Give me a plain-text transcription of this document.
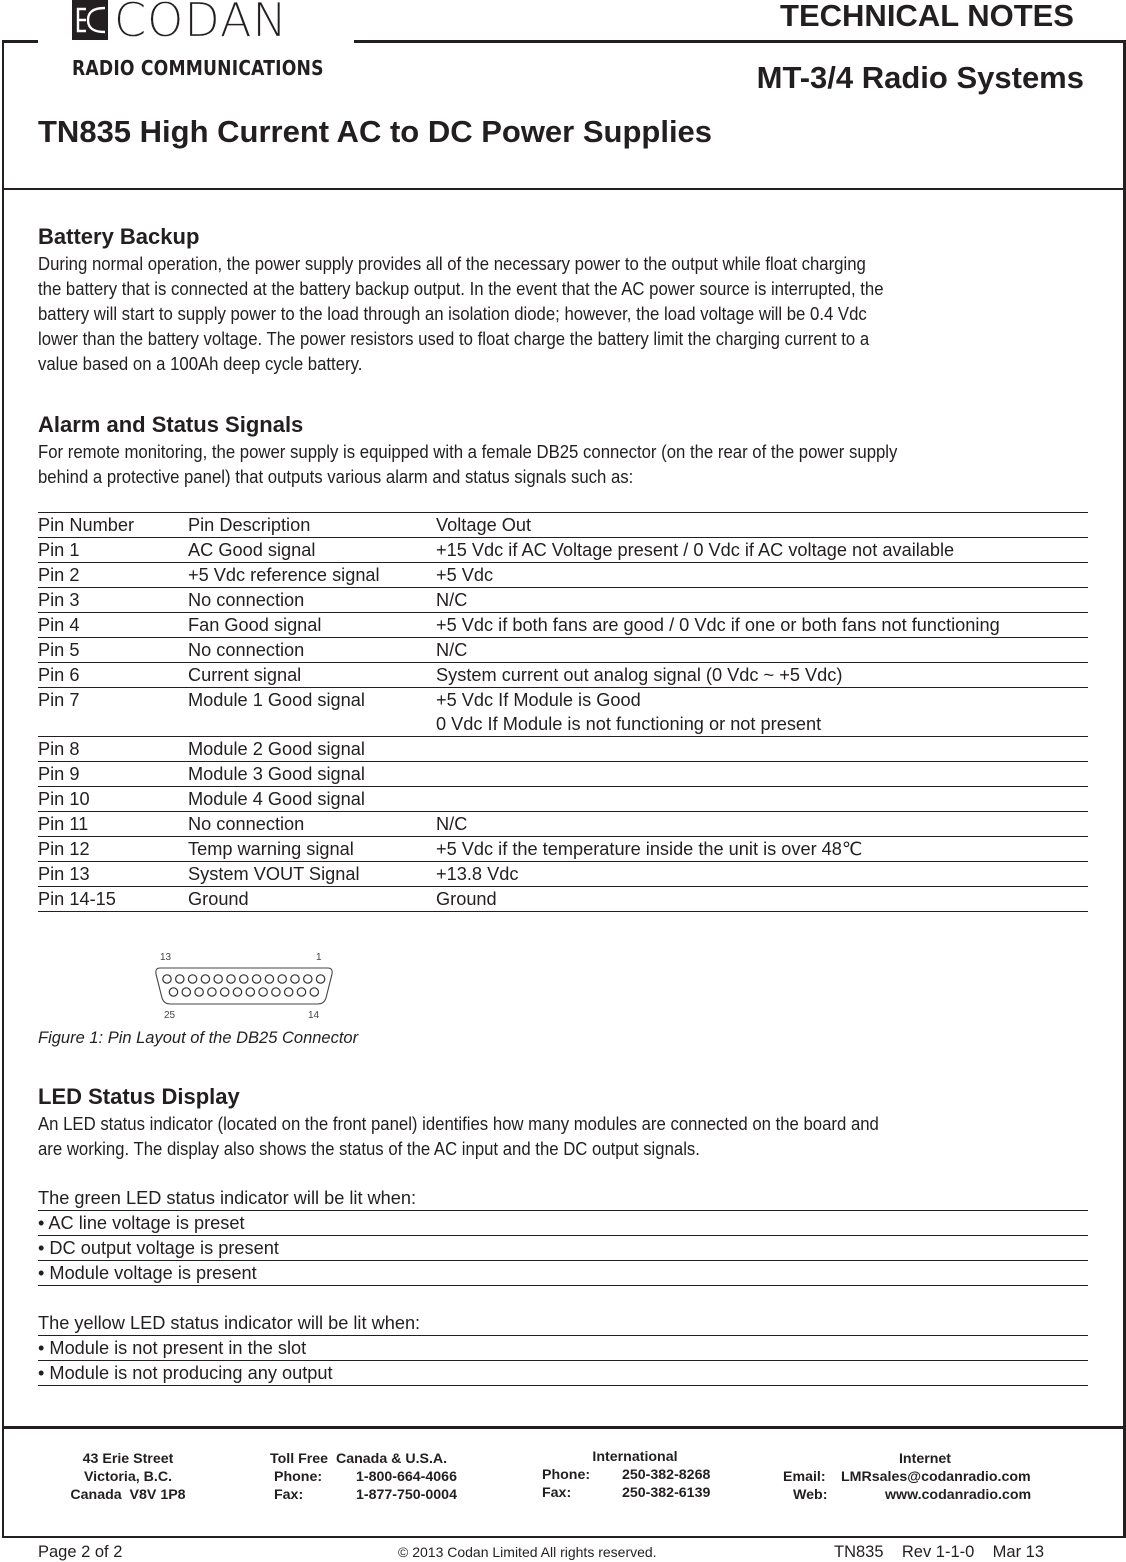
CODAN
RADIO COMMUNICATIONS
TECHNICAL NOTES
MT-3/4 Radio Systems
TN835 High Current AC to DC Power Supplies
Battery Backup
During normal operation, the power supply provides all of the necessary power to the output while float charging
the battery that is connected at the battery backup output. In the event that the AC power source is interrupted, the
battery will start to supply power to the load through an isolation diode; however, the load voltage will be 0.4 Vdc
lower than the battery voltage. The power resistors used to float charge the battery limit the charging current to a
value based on a 100Ah deep cycle battery.
Alarm and Status Signals
For remote monitoring, the power supply is equipped with a female DB25 connector (on the rear of the power supply
behind a protective panel) that outputs various alarm and status signals such as:
Pin Number	Pin Description	Voltage Out
Pin 1	AC Good signal	+15 Vdc if AC Voltage present / 0 Vdc if AC voltage not available
Pin 2	+5 Vdc reference signal	+5 Vdc
Pin 3	No connection	N/C
Pin 4	Fan Good signal	+5 Vdc if both fans are good / 0 Vdc if one or both fans not functioning
Pin 5	No connection	N/C
Pin 6	Current signal	System current out analog signal (0 Vdc ~ +5 Vdc)
Pin 7	Module 1 Good signal	+5 Vdc If Module is Good
0 Vdc If Module is not functioning or not present
Pin 8	Module 2 Good signal
Pin 9	Module 3 Good signal
Pin 10	Module 4 Good signal
Pin 11	No connection	N/C
Pin 12	Temp warning signal	+5 Vdc if the temperature inside the unit is over 48℃
Pin 13	System VOUT Signal	+13.8 Vdc
Pin 14-15	Ground	Ground
13	1
25	14
Figure 1: Pin Layout of the DB25 Connector
LED Status Display
An LED status indicator (located on the front panel) identifies how many modules are connected on the board and
are working. The display also shows the status of the AC input and the DC output signals.
The green LED status indicator will be lit when:
• AC line voltage is preset
• DC output voltage is present
• Module voltage is present
The yellow LED status indicator will be lit when:
• Module is not present in the slot
• Module is not producing any output
43 Erie Street
Victoria, B.C.
Canada  V8V 1P8
Toll Free  Canada & U.S.A.
Phone:	1-800-664-4066
Fax:	1-877-750-0004
International
Phone:	250-382-8268
Fax:	250-382-6139
Internet
Email:	LMRsales@codanradio.com
Web:	www.codanradio.com
Page 2 of 2	© 2013 Codan Limited All rights reserved.	TN835    Rev 1-1-0    Mar 13
